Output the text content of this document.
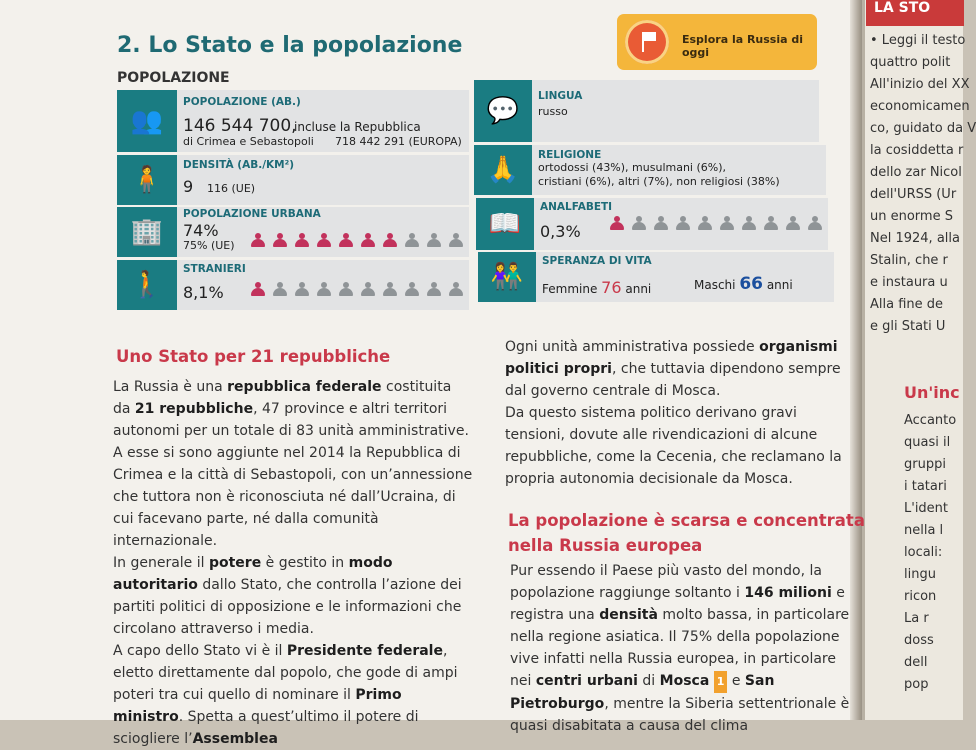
LA STO
2. Lo Stato e la popolazione	Esplora la Russia di oggi
POPOLAZIONE
👥
POPOLAZIONE (AB.)
146 544 700,
incluse la Repubblica
di Crimea e Sebastopoli 718 442 291 (EUROPA)
🧍	DENSITÀ (AB./KM²)
9 116 (UE)
🏢
POPOLAZIONE URBANA
74%
75% (UE)
🚶
STRANIERI
8,1%
💬	LINGUA
russo
🙏	RELIGIONE
ortodossi (43%), musulmani (6%),
cristiani (6%), altri (7%), non religiosi (38%)
📖
ANALFABETI
0,3%
👫
SPERANZA DI VITA
Femmine 76 anni	Maschi 66 anni
Uno Stato per 21 repubbliche
La Russia è una repubblica federale costituita da 21 repubbliche, 47 province e altri territori autonomi per un totale di 83 unità amministrative. A esse si sono aggiunte nel 2014 la Repubblica di Crimea e la città di Sebastopoli, con un’annessione che tuttora non è riconosciuta né dall’Ucraina, di cui facevano parte, né dalla comunità internazionale.
In generale il potere è gestito in modo autoritario dallo Stato, che controlla l’azione dei partiti politici di opposizione e le informazioni che circolano attraverso i media.
A capo dello Stato vi è il Presidente federale, eletto direttamente dal popolo, che gode di ampi poteri tra cui quello di nominare il Primo ministro. Spetta a quest’ultimo il potere di sciogliere l’Assemblea
Ogni unità amministrativa possiede organismi politici propri, che tuttavia dipendono sempre dal governo centrale di Mosca.
Da questo sistema politico derivano gravi tensioni, dovute alle rivendicazioni di alcune repubbliche, come la Cecenia, che reclamano la propria autonomia decisionale da Mosca.
La popolazione è scarsa e concentrata
nella Russia europea
Pur essendo il Paese più vasto del mondo, la popolazione raggiunge soltanto i 146 milioni e registra una densità molto bassa, in particolare nella regione asiatica. Il 75% della popolazione vive infatti nella Russia europea, in particolare nei centri urbani di Mosca 1 e San Pietroburgo, mentre la Siberia settentrionale è quasi disabitata a causa del clima
• Leggi il testo
quattro polit
All'inizio del XX
economicamen
co, guidato da V
la cosiddetta r
dello zar Nicol
dell'URSS (Ur
un enorme S
Nel 1924, alla
Stalin, che r
e instaura u
Alla fine de
e gli Stati U
Un'inc
Accanto
quasi il
gruppi
i tatari
L'ident
nella l
locali:
lingu
ricon
La r
doss
dell
pop
